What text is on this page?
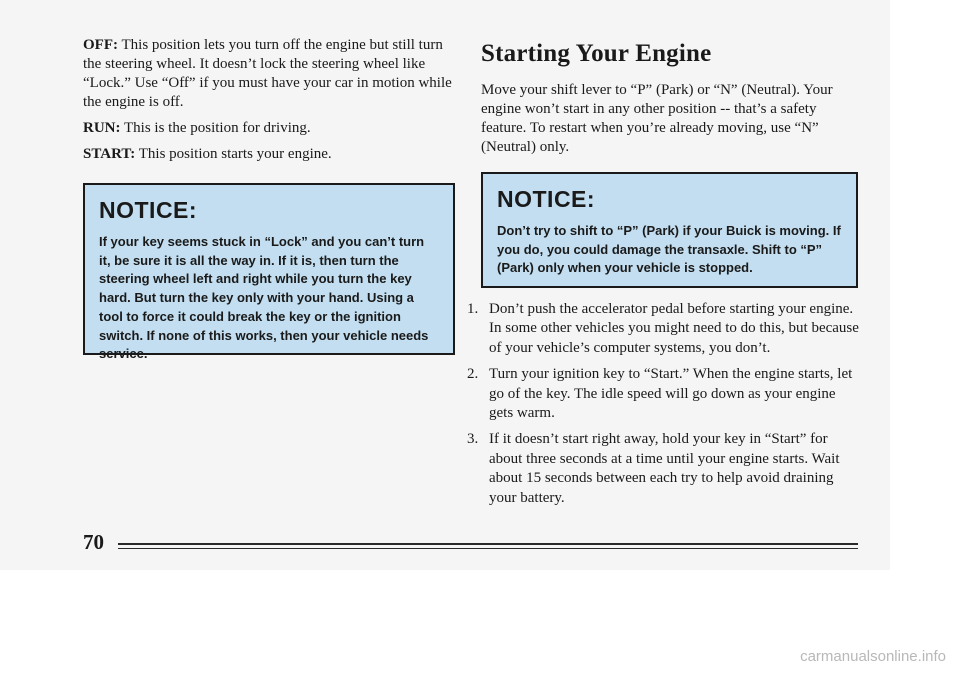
OFF: This position lets you turn off the engine but still turn the steering wheel. It doesn’t lock the steering wheel like “Lock.” Use “Off” if you must have your car in motion while the engine is off.

RUN: This is the position for driving.

START: This position starts your engine.

NOTICE:

If your key seems stuck in “Lock” and you can’t turn it, be sure it is all the way in. If it is, then turn the steering wheel left and right while you turn the key hard. But turn the key only with your hand. Using a tool to force it could break the key or the ignition switch. If none of this works, then your vehicle needs service.

Starting Your Engine

Move your shift lever to “P” (Park) or “N” (Neutral). Your engine won’t start in any other position -- that’s a safety feature. To restart when you’re already moving, use “N” (Neutral) only.

NOTICE:

Don’t try to shift to “P” (Park) if your Buick is moving. If you do, you could damage the transaxle. Shift to “P” (Park) only when your vehicle is stopped.

1. Don’t push the accelerator pedal before starting your engine. In some other vehicles you might need to do this, but because of your vehicle’s computer systems, you don’t.
2. Turn your ignition key to “Start.” When the engine starts, let go of the key. The idle speed will go down as your engine gets warm.
3. If it doesn’t start right away, hold your key in “Start” for about three seconds at a time until your engine starts. Wait about 15 seconds between each try to help avoid draining your battery.
70
carmanualsonline.info
